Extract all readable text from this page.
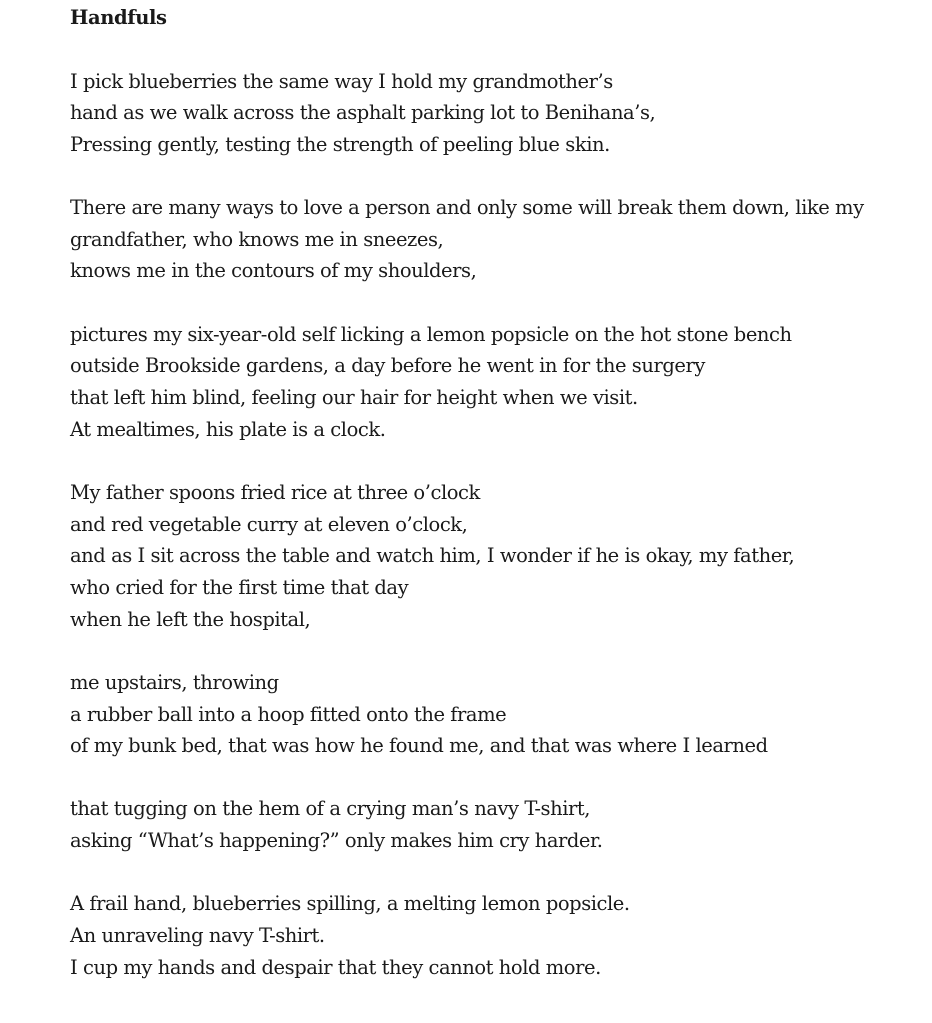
Handfuls
I pick blueberries the same way I hold my grandmother’s
hand as we walk across the asphalt parking lot to Benihana’s,
Pressing gently, testing the strength of peeling blue skin.
There are many ways to love a person and only some will break them down, like my
grandfather, who knows me in sneezes,
knows me in the contours of my shoulders,
pictures my six-year-old self licking a lemon popsicle on the hot stone bench
outside Brookside gardens, a day before he went in for the surgery
that left him blind, feeling our hair for height when we visit.
At mealtimes, his plate is a clock.
My father spoons fried rice at three o’clock
and red vegetable curry at eleven o’clock,
and as I sit across the table and watch him, I wonder if he is okay, my father,
who cried for the first time that day
when he left the hospital,
me upstairs, throwing
a rubber ball into a hoop fitted onto the frame
of my bunk bed, that was how he found me, and that was where I learned
that tugging on the hem of a crying man’s navy T-shirt,
asking “What’s happening?” only makes him cry harder.
A frail hand, blueberries spilling, a melting lemon popsicle.
An unraveling navy T-shirt.
I cup my hands and despair that they cannot hold more.
